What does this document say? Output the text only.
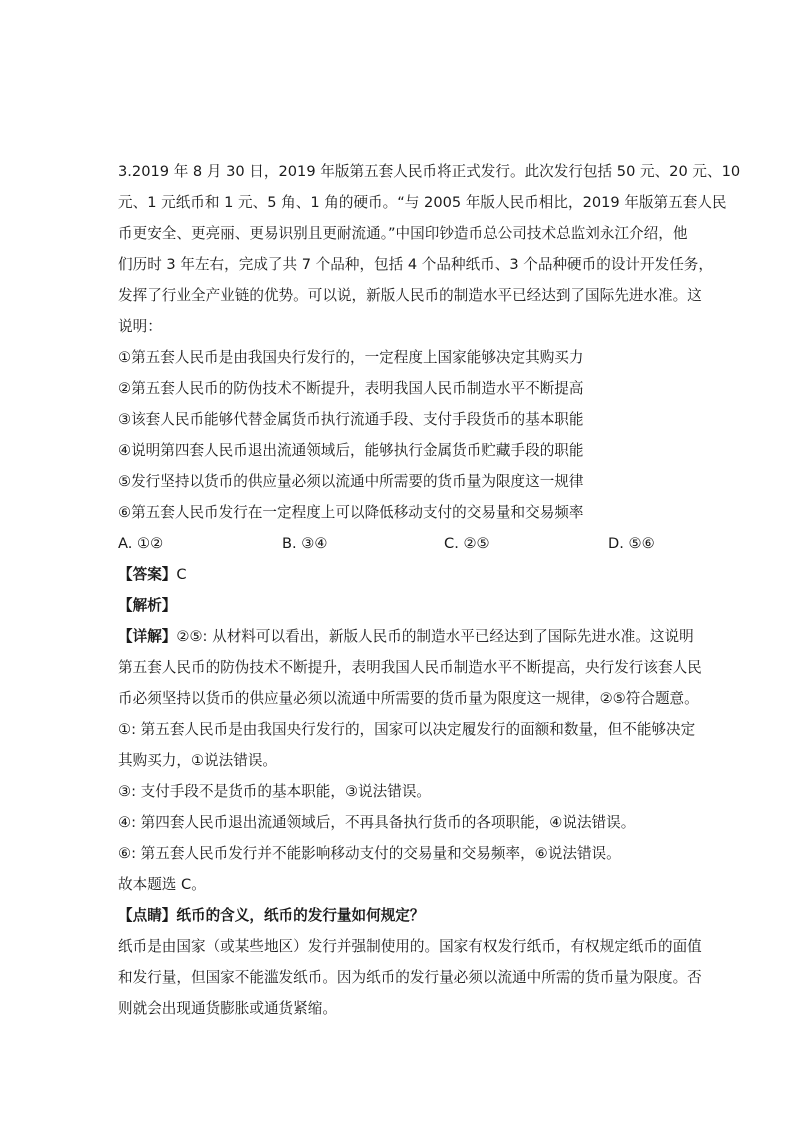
3.2019 年 8 月 30 日，2019 年版第五套人民币将正式发行。此次发行包括 50 元、20 元、10
元、1 元纸币和 1 元、5 角、1 角的硬币。“与 2005 年版人民币相比，2019 年版第五套人民
币更安全、更亮丽、更易识别且更耐流通。”中国印钞造币总公司技术总监刘永江介绍，他
们历时 3 年左右，完成了共 7 个品种，包括 4 个品种纸币、3 个品种硬币的设计开发任务，
发挥了行业全产业链的优势。可以说，新版人民币的制造水平已经达到了国际先进水准。这
说明：
①第五套人民币是由我国央行发行的，一定程度上国家能够决定其购买力
②第五套人民币的防伪技术不断提升，表明我国人民币制造水平不断提高
③该套人民币能够代替金属货币执行流通手段、支付手段货币的基本职能
④说明第四套人民币退出流通领域后，能够执行金属货币贮藏手段的职能
⑤发行坚持以货币的供应量必须以流通中所需要的货币量为限度这一规律
⑥第五套人民币发行在一定程度上可以降低移动支付的交易量和交易频率
A. ①②	B. ③④	C. ②⑤	D. ⑤⑥
【答案】C
【解析】
【详解】②⑤: 从材料可以看出，新版人民币的制造水平已经达到了国际先进水准。这说明
第五套人民币的防伪技术不断提升，表明我国人民币制造水平不断提高，央行发行该套人民
币必须坚持以货币的供应量必须以流通中所需要的货币量为限度这一规律，②⑤符合题意。
①: 第五套人民币是由我国央行发行的，国家可以决定履发行的面额和数量，但不能够决定
其购买力，①说法错误。
③: 支付手段不是货币的基本职能，③说法错误。
④: 第四套人民币退出流通领域后，不再具备执行货币的各项职能，④说法错误。
⑥: 第五套人民币发行并不能影响移动支付的交易量和交易频率，⑥说法错误。
故本题选 C。
【点睛】纸币的含义，纸币的发行量如何规定？
纸币是由国家（或某些地区）发行并强制使用的。国家有权发行纸币，有权规定纸币的面值
和发行量，但国家不能滥发纸币。因为纸币的发行量必须以流通中所需的货币量为限度。否
则就会出现通货膨胀或通货紧缩。
